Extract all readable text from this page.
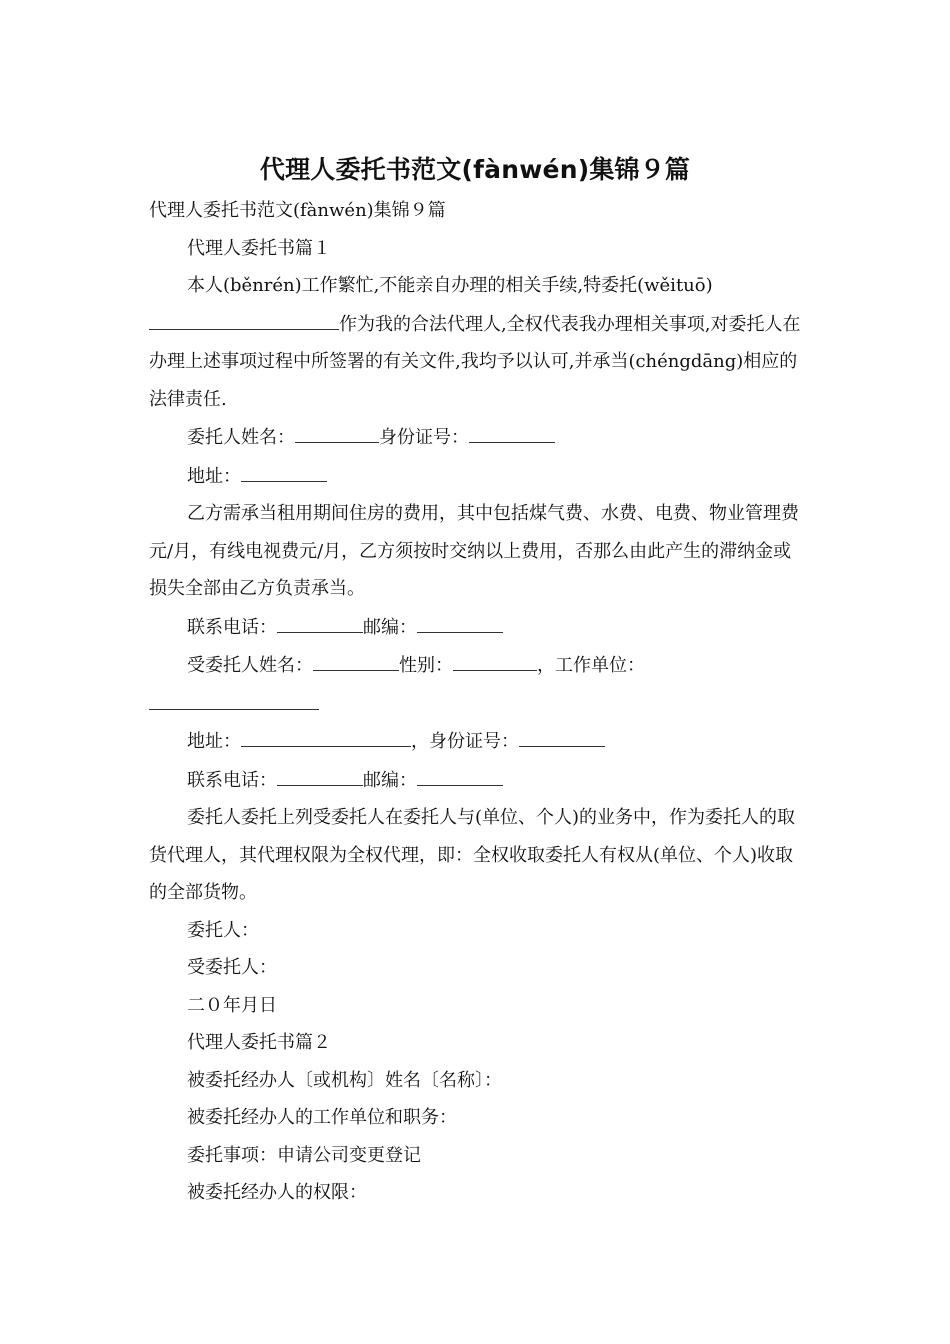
代理人委托书范文(fànwén)集锦９篇

代理人委托书范文(fànwén)集锦９篇

代理人委托书篇１

本人(běnrén)工作繁忙,不能亲自办理的相关手续,特委托(wěituō)作为我的合法代理人,全权代表我办理相关事项,对委托人在办理上述事项过程中所签署的有关文件,我均予以认可,并承当(chéngdāng)相应的法律责任.

委托人姓名：	身份证号：

地址：

乙方需承当租用期间住房的费用，其中包括煤气费、水费、电费、物业管理费元/月，有线电视费元/月，乙方须按时交纳以上费用，否那么由此产生的滞纳金或损失全部由乙方负责承当。

联系电话：	邮编：

受委托人姓名：	性别：	，工作单位：

地址：	，身份证号：

联系电话：	邮编：

委托人委托上列受委托人在委托人与(单位、个人)的业务中，作为委托人的取货代理人，其代理权限为全权代理，即：全权收取委托人有权从(单位、个人)收取的全部货物。

委托人：

受委托人：

二０年月日

代理人委托书篇２

被委托经办人〔或机构〕姓名〔名称〕：

被委托经办人的工作单位和职务：

委托事项：申请公司变更登记

被委托经办人的权限：
